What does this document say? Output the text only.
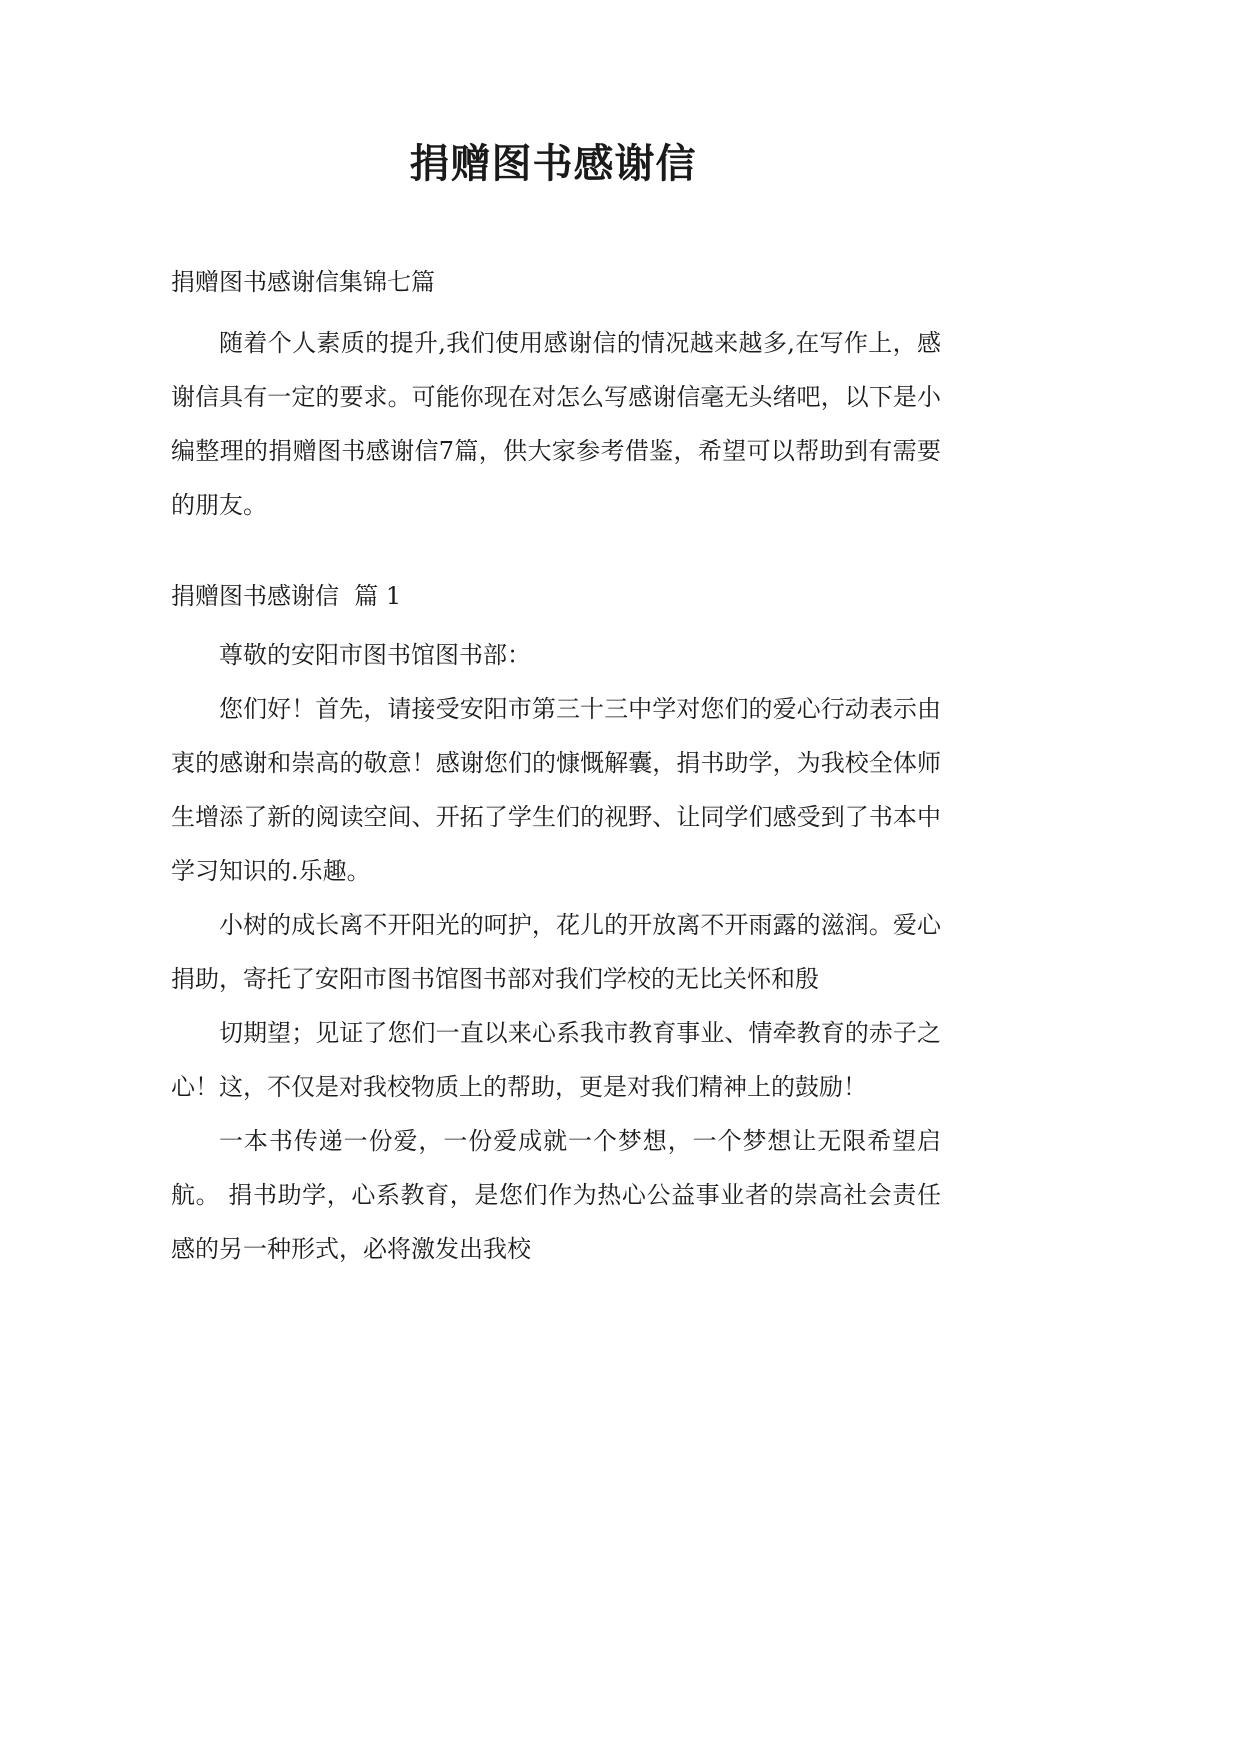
捐赠图书感谢信
捐赠图书感谢信集锦七篇

随着个人素质的提升,我们使用感谢信的情况越来越多,在写作上，感谢信具有一定的要求。可能你现在对怎么写感谢信毫无头绪吧，以下是小编整理的捐赠图书感谢信7篇，供大家参考借鉴，希望可以帮助到有需要的朋友。

捐赠图书感谢信  篇 1

尊敬的安阳市图书馆图书部：

您们好！首先，请接受安阳市第三十三中学对您们的爱心行动表示由衷的感谢和崇高的敬意！感谢您们的慷慨解囊，捐书助学，为我校全体师生增添了新的阅读空间、开拓了学生们的视野、让同学们感受到了书本中学习知识的.乐趣。

小树的成长离不开阳光的呵护，花儿的开放离不开雨露的滋润。爱心捐助，寄托了安阳市图书馆图书部对我们学校的无比关怀和殷

切期望；见证了您们一直以来心系我市教育事业、情牵教育的赤子之心！这，不仅是对我校物质上的帮助，更是对我们精神上的鼓励！

一本书传递一份爱，一份爱成就一个梦想，一个梦想让无限希望启航。 捐书助学，心系教育，是您们作为热心公益事业者的崇高社会责任感的另一种形式，必将激发出我校
